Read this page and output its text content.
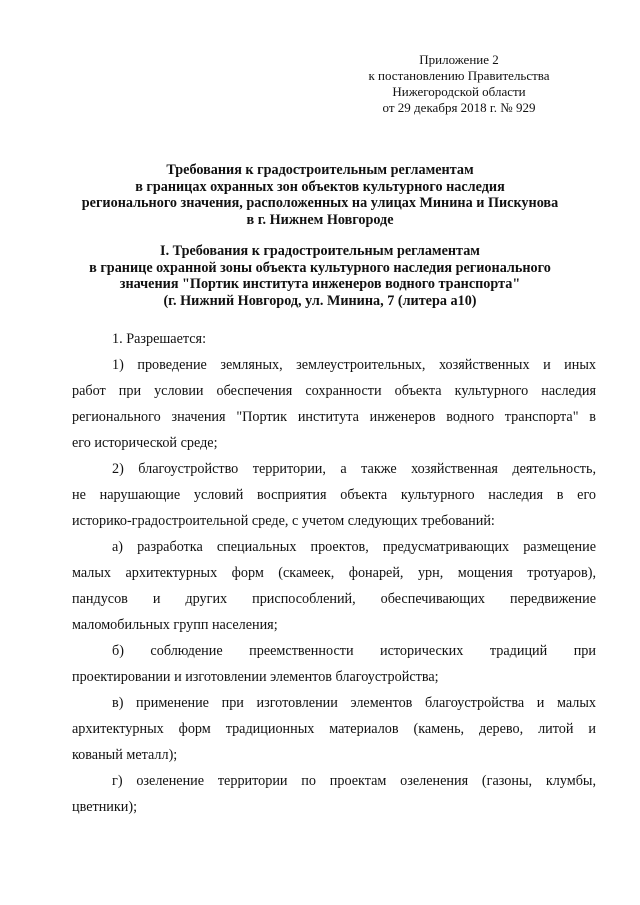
Приложение 2
к постановлению Правительства
Нижегородской области
от 29 декабря 2018 г. № 929
Требования к градостроительным регламентам
в границах охранных зон объектов культурного наследия
регионального значения, расположенных на улицах Минина и Пискунова
в г. Нижнем Новгороде
I. Требования к градостроительным регламентам
в границе охранной зоны объекта культурного наследия регионального
значения "Портик института инженеров водного транспорта"
(г. Нижний Новгород, ул. Минина, 7 (литера а10)
1. Разрешается:
1) проведение земляных, землеустроительных, хозяйственных и иных
работ при условии обеспечения сохранности объекта культурного наследия
регионального значения "Портик института инженеров водного транспорта" в
его исторической среде;
2) благоустройство территории, а также хозяйственная деятельность,
не нарушающие условий восприятия объекта культурного наследия в его
историко-градостроительной среде, с учетом следующих требований:
а) разработка специальных проектов, предусматривающих размещение
малых архитектурных форм (скамеек, фонарей, урн, мощения тротуаров),
пандусов и других приспособлений, обеспечивающих передвижение
маломобильных групп населения;
б) соблюдение преемственности исторических традиций при
проектировании и изготовлении элементов благоустройства;
в) применение при изготовлении элементов благоустройства и малых
архитектурных форм традиционных материалов (камень, дерево, литой и
кованый металл);
г) озеленение территории по проектам озеленения (газоны, клумбы,
цветники);
